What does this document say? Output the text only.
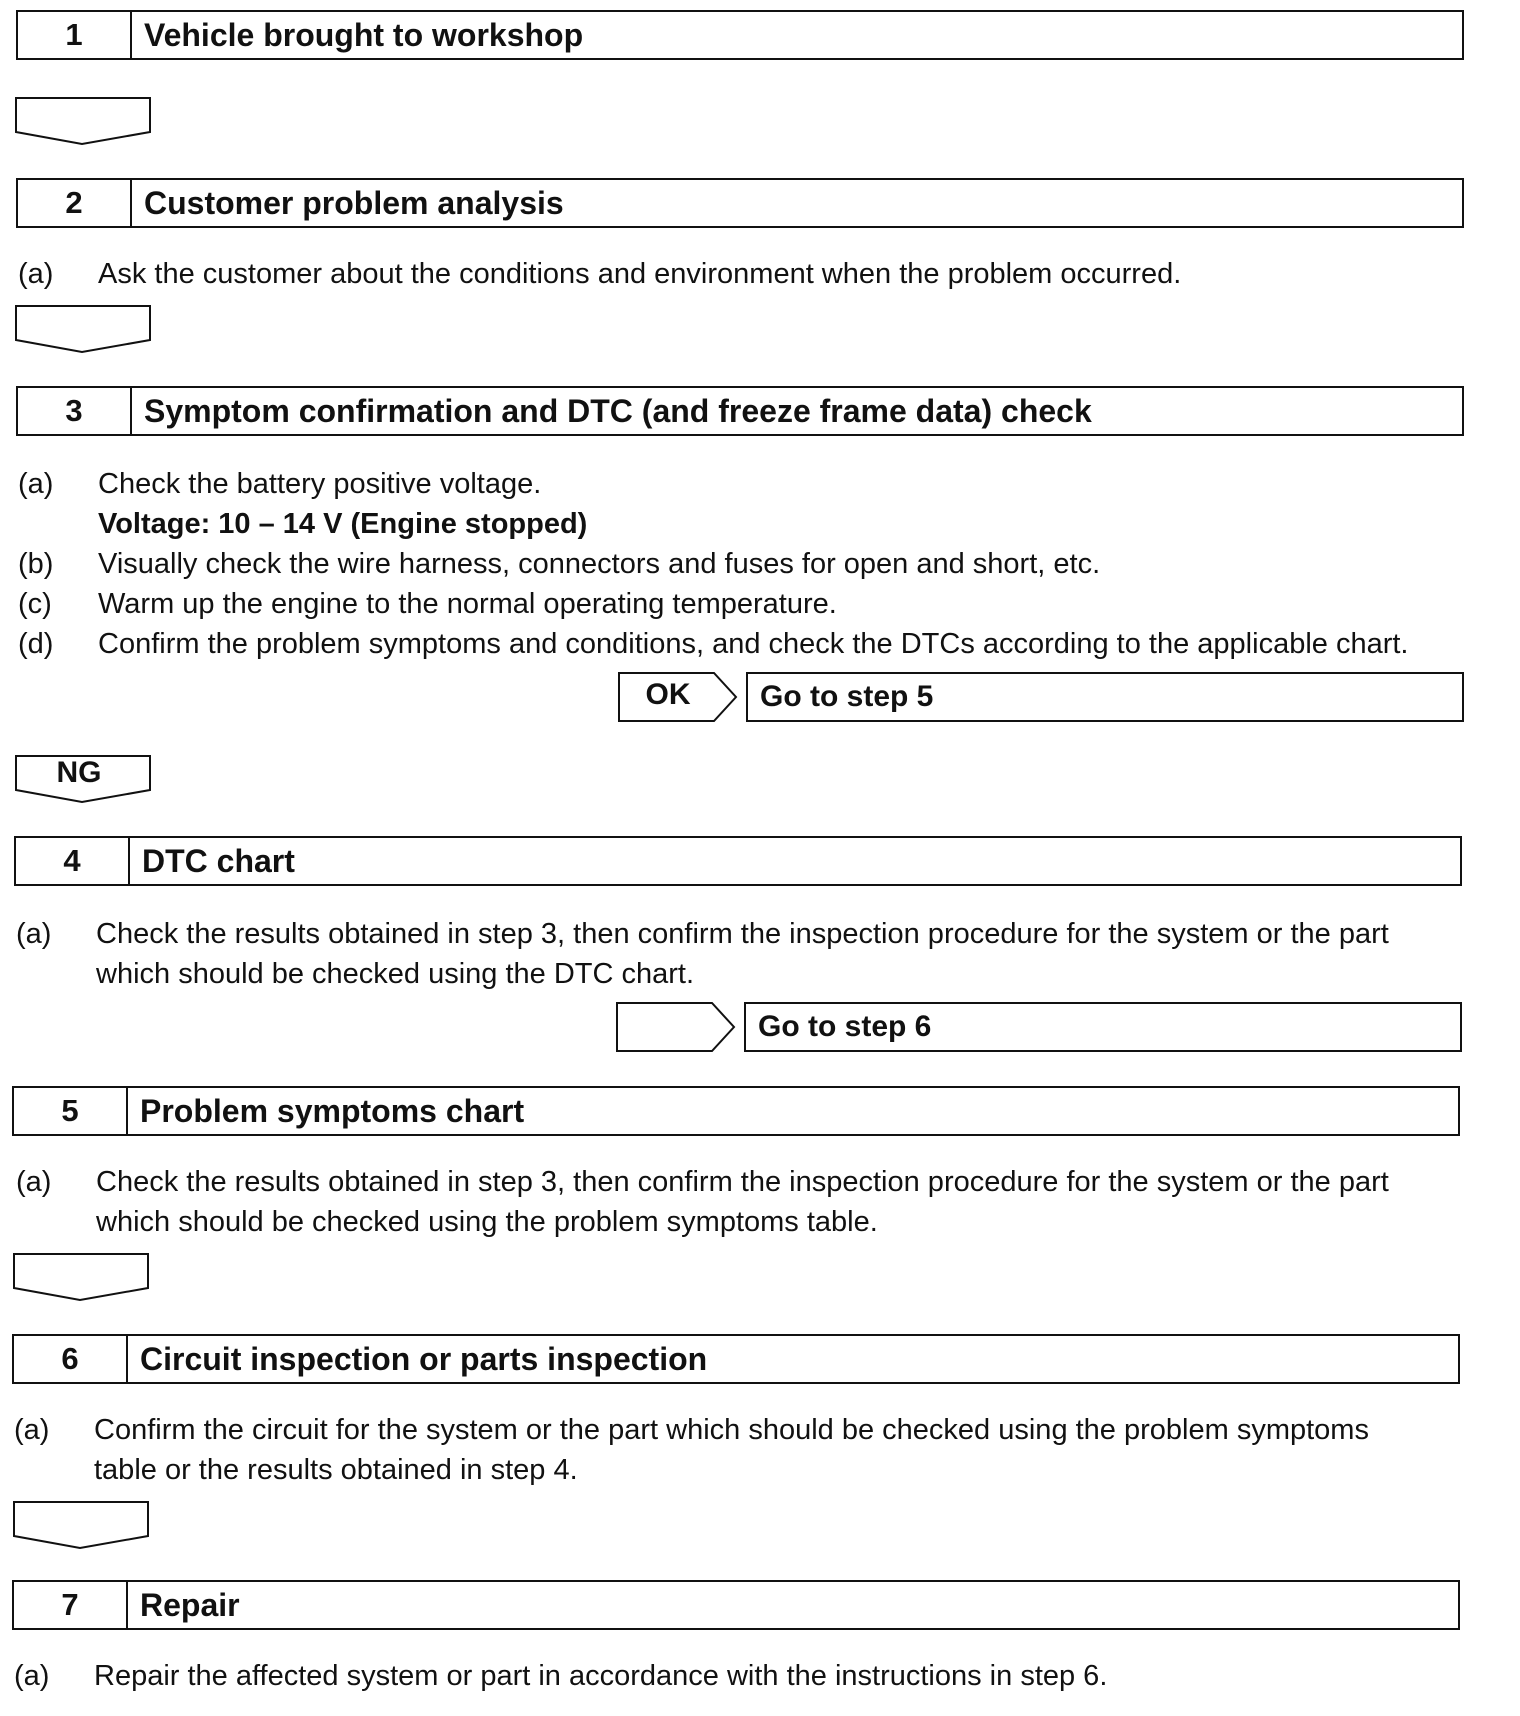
1	Vehicle brought to workshop
2	Customer problem analysis
(a) Ask the customer about the conditions and environment when the problem occurred.
3	Symptom confirmation and DTC (and freeze frame data) check
(a) Check the battery positive voltage.
Voltage: 10 – 14 V (Engine stopped)
(b) Visually check the wire harness, connectors and fuses for open and short, etc.
(c) Warm up the engine to the normal operating temperature.
(d) Confirm the problem symptoms and conditions, and check the DTCs according to the applicable chart.
OK	Go to step 5
NG
4	DTC chart
(a) Check the results obtained in step 3, then confirm the inspection procedure for the system or the part
which should be checked using the DTC chart.
Go to step 6
5	Problem symptoms chart
(a) Check the results obtained in step 3, then confirm the inspection procedure for the system or the part
which should be checked using the problem symptoms table.
6	Circuit inspection or parts inspection
(a) Confirm the circuit for the system or the part which should be checked using the problem symptoms
table or the results obtained in step 4.
7	Repair
(a) Repair the affected system or part in accordance with the instructions in step 6.
